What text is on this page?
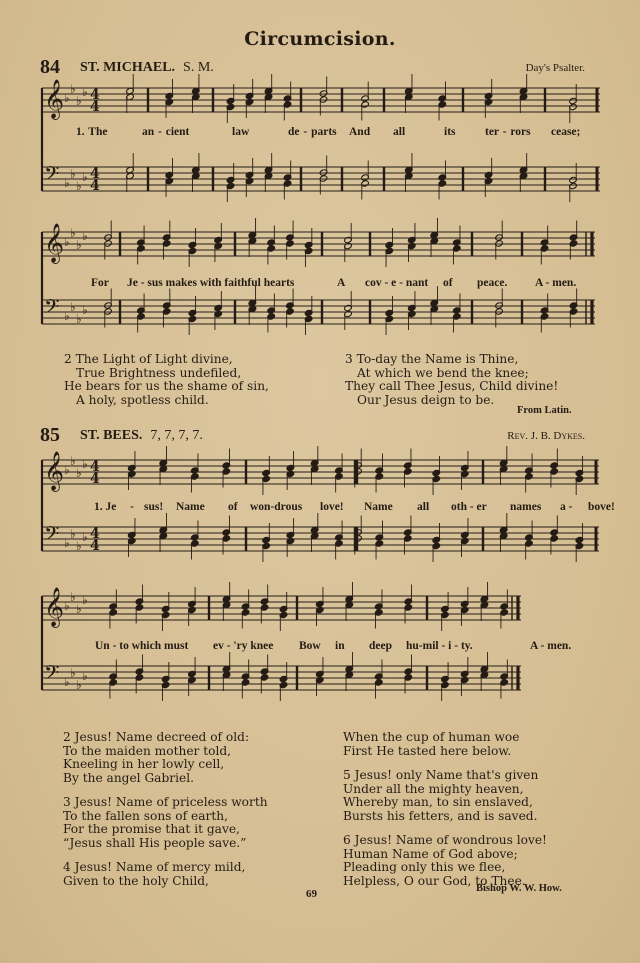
Circumcision.
84 ST. MICHAEL. S. M.	Day's Psalter.
𝄞 ♭
♭
♭
♭ 4
4
𝄢 ♭
♭
♭
♭ 4
4
𝄞 ♭
♭
♭
♭
𝄢 ♭
♭
♭
♭
1. The	an - cient	law	de - parts And all	its	ter - rors cease;
For Je - sus makes with faithful hearts	A cov - e - nant of peace. A - men.
2 The Light of Light divine,
True Brightness undefiled,
He bears for us the shame of sin,
A holy, spotless child.
3 To-day the Name is Thine,
At which we bend the knee;
They call Thee Jesus, Child divine!
Our Jesus deign to be.
From Latin.
85 ST. BEES. 7, 7, 7, 7.	Rev. J. B. Dykes.
𝄞 ♭
♭
♭
♭ 4
4
𝄢 ♭
♭
♭
♭ 4
4
𝄞 ♭
♭
♭
♭
𝄢 ♭
♭
♭
♭
1. Je - sus! Name of won-drous love! Name all oth - er names a - bove!
Un - to which must ev - 'ry knee Bow in deep hu-mil - i - ty.	A - men.
2 Jesus! Name decreed of old:
To the maiden mother told,
Kneeling in her lowly cell,
By the angel Gabriel.
3 Jesus! Name of priceless worth
To the fallen sons of earth,
For the promise that it gave,
“Jesus shall His people save.”
4 Jesus! Name of mercy mild,
Given to the holy Child,
When the cup of human woe
First He tasted here below.
5 Jesus! only Name that's given
Under all the mighty heaven,
Whereby man, to sin enslaved,
Bursts his fetters, and is saved.
6 Jesus! Name of wondrous love!
Human Name of God above;
Pleading only this we flee,
Helpless, O our God, to Thee.
Bishop W. W. How.
69
